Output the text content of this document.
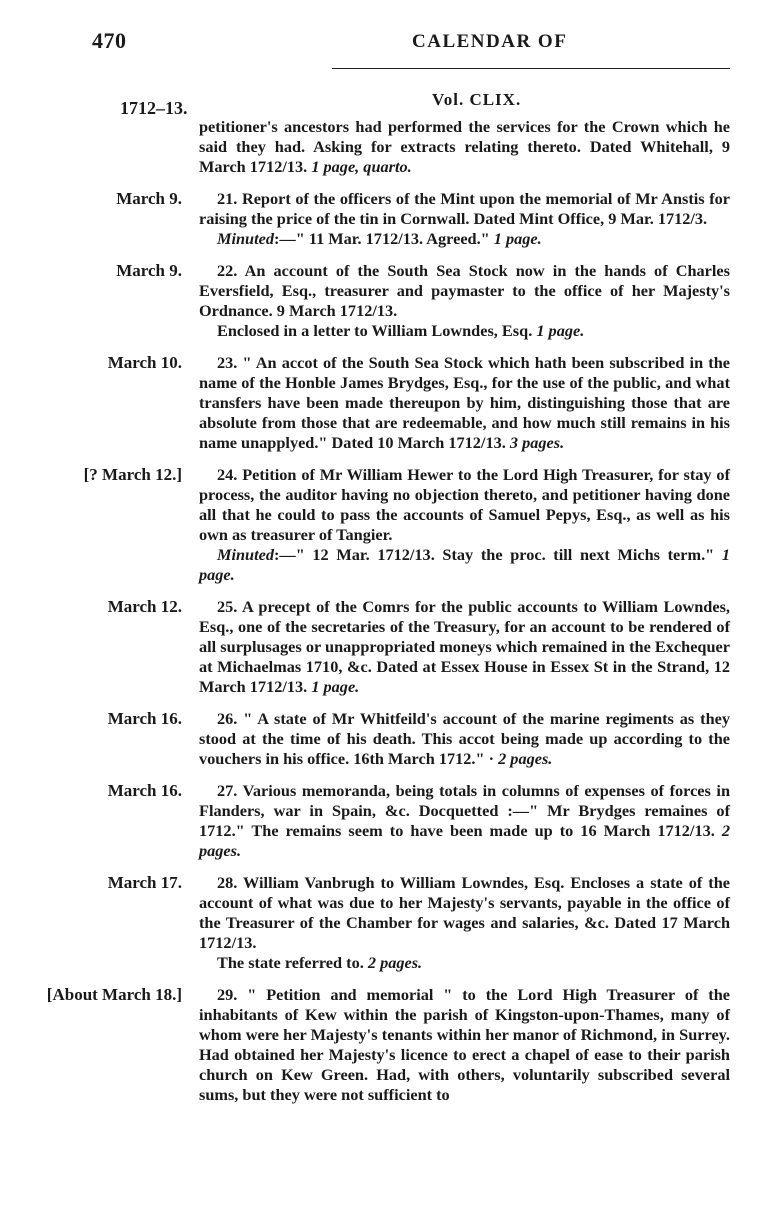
470	CALENDAR OF
1712–13.	Vol. CLIX.

petitioner's ancestors had performed the services for the Crown which he said they had. Asking for extracts relating thereto. Dated Whitehall, 9 March 1712/13. 1 page, quarto.

March 9.	21. Report of the officers of the Mint upon the memorial of Mr Anstis for raising the price of the tin in Cornwall. Dated Mint Office, 9 Mar. 1712/3.

Minuted:—" 11 Mar. 1712/13. Agreed." 1 page.

March 9.	22. An account of the South Sea Stock now in the hands of Charles Eversfield, Esq., treasurer and paymaster to the office of her Majesty's Ordnance. 9 March 1712/13.

Enclosed in a letter to William Lowndes, Esq. 1 page.

March 10.	23. " An accot of the South Sea Stock which hath been subscribed in the name of the Honble James Brydges, Esq., for the use of the public, and what transfers have been made thereupon by him, distinguishing those that are absolute from those that are redeemable, and how much still remains in his name unapplyed." Dated 10 March 1712/13. 3 pages.

[? March 12.]	24. Petition of Mr William Hewer to the Lord High Treasurer, for stay of process, the auditor having no objection thereto, and petitioner having done all that he could to pass the accounts of Samuel Pepys, Esq., as well as his own as treasurer of Tangier.

Minuted:—" 12 Mar. 1712/13. Stay the proc. till next Michs term." 1 page.

March 12.	25. A precept of the Comrs for the public accounts to William Lowndes, Esq., one of the secretaries of the Treasury, for an account to be rendered of all surplusages or unappropriated moneys which remained in the Exchequer at Michaelmas 1710, &c. Dated at Essex House in Essex St in the Strand, 12 March 1712/13. 1 page.

March 16.	26. " A state of Mr Whitfeild's account of the marine regiments as they stood at the time of his death. This accot being made up according to the vouchers in his office. 16th March 1712." · 2 pages.

March 16.	27. Various memoranda, being totals in columns of expenses of forces in Flanders, war in Spain, &c. Docquetted :—" Mr Brydges remaines of 1712." The remains seem to have been made up to 16 March 1712/13. 2 pages.

March 17.	28. William Vanbrugh to William Lowndes, Esq. Encloses a state of the account of what was due to her Majesty's servants, payable in the office of the Treasurer of the Chamber for wages and salaries, &c. Dated 17 March 1712/13.

The state referred to. 2 pages.

[About March 18.]	29. " Petition and memorial " to the Lord High Treasurer of the inhabitants of Kew within the parish of Kingston-upon-Thames, many of whom were her Majesty's tenants within her manor of Richmond, in Surrey. Had obtained her Majesty's licence to erect a chapel of ease to their parish church on Kew Green. Had, with others, voluntarily subscribed several sums, but they were not sufficient to
